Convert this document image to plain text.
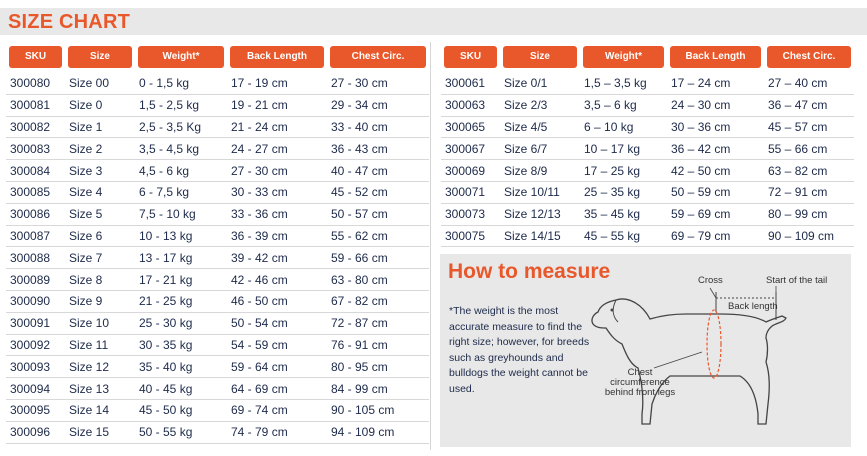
SIZE CHART
SKU	Size	Weight*	Back Length	Chest Circ.

300080	Size 00	0 - 1,5 kg	17 - 19 cm	27 - 30 cm
300081	Size 0	1,5 - 2,5 kg	19 - 21 cm	29 - 34 cm
300082	Size 1	2,5 - 3,5 Kg	21 - 24 cm	33 - 40 cm
300083	Size 2	3,5 - 4,5 kg	24 - 27 cm	36 - 43 cm
300084	Size 3	4,5 - 6 kg	27 - 30 cm	40 - 47 cm
300085	Size 4	6 - 7,5 kg	30 - 33 cm	45 - 52 cm
300086	Size 5	7,5 - 10 kg	33 - 36 cm	50 - 57 cm
300087	Size 6	10 - 13 kg	36 - 39 cm	55 - 62 cm
300088	Size 7	13 - 17 kg	39 - 42 cm	59 - 66 cm
300089	Size 8	17 - 21 kg	42 - 46 cm	63 - 80 cm
300090	Size 9	21 - 25 kg	46 - 50 cm	67 - 82 cm
300091	Size 10	25 - 30 kg	50 - 54 cm	72 - 87 cm
300092	Size 11	30 - 35 kg	54 - 59 cm	76 - 91 cm
300093	Size 12	35 - 40 kg	59 - 64 cm	80 - 95 cm
300094	Size 13	40 - 45 kg	64 - 69 cm	84 - 99 cm
300095	Size 14	45 - 50 kg	69 - 74 cm	90 - 105 cm
300096	Size 15	50 - 55 kg	74 - 79 cm	94 - 109 cm
SKU	Size	Weight*	Back Length	Chest Circ.

300061	Size 0/1	1,5 – 3,5 kg	17 – 24 cm	27 – 40 cm
300063	Size 2/3	3,5 – 6 kg	24 – 30 cm	36 – 47 cm
300065	Size 4/5	6 – 10 kg	30 – 36 cm	45 – 57 cm
300067	Size 6/7	10 – 17 kg	36 – 42 cm	55 – 66 cm
300069	Size 8/9	17 – 25 kg	42 – 50 cm	63 – 82 cm
300071	Size 10/11	25 – 35 kg	50 – 59 cm	72 – 91 cm
300073	Size 12/13	35 – 45 kg	59 – 69 cm	80 – 99 cm
300075	Size 14/15	45 – 55 kg	69 – 79 cm	90 – 109 cm
How to measure
*The weight is the most accurate measure to find the right size; however, for breeds such as greyhounds and bulldogs the weight cannot be used.
Cross	Start of the tail
Back length
Chest
circumference
behind front legs
